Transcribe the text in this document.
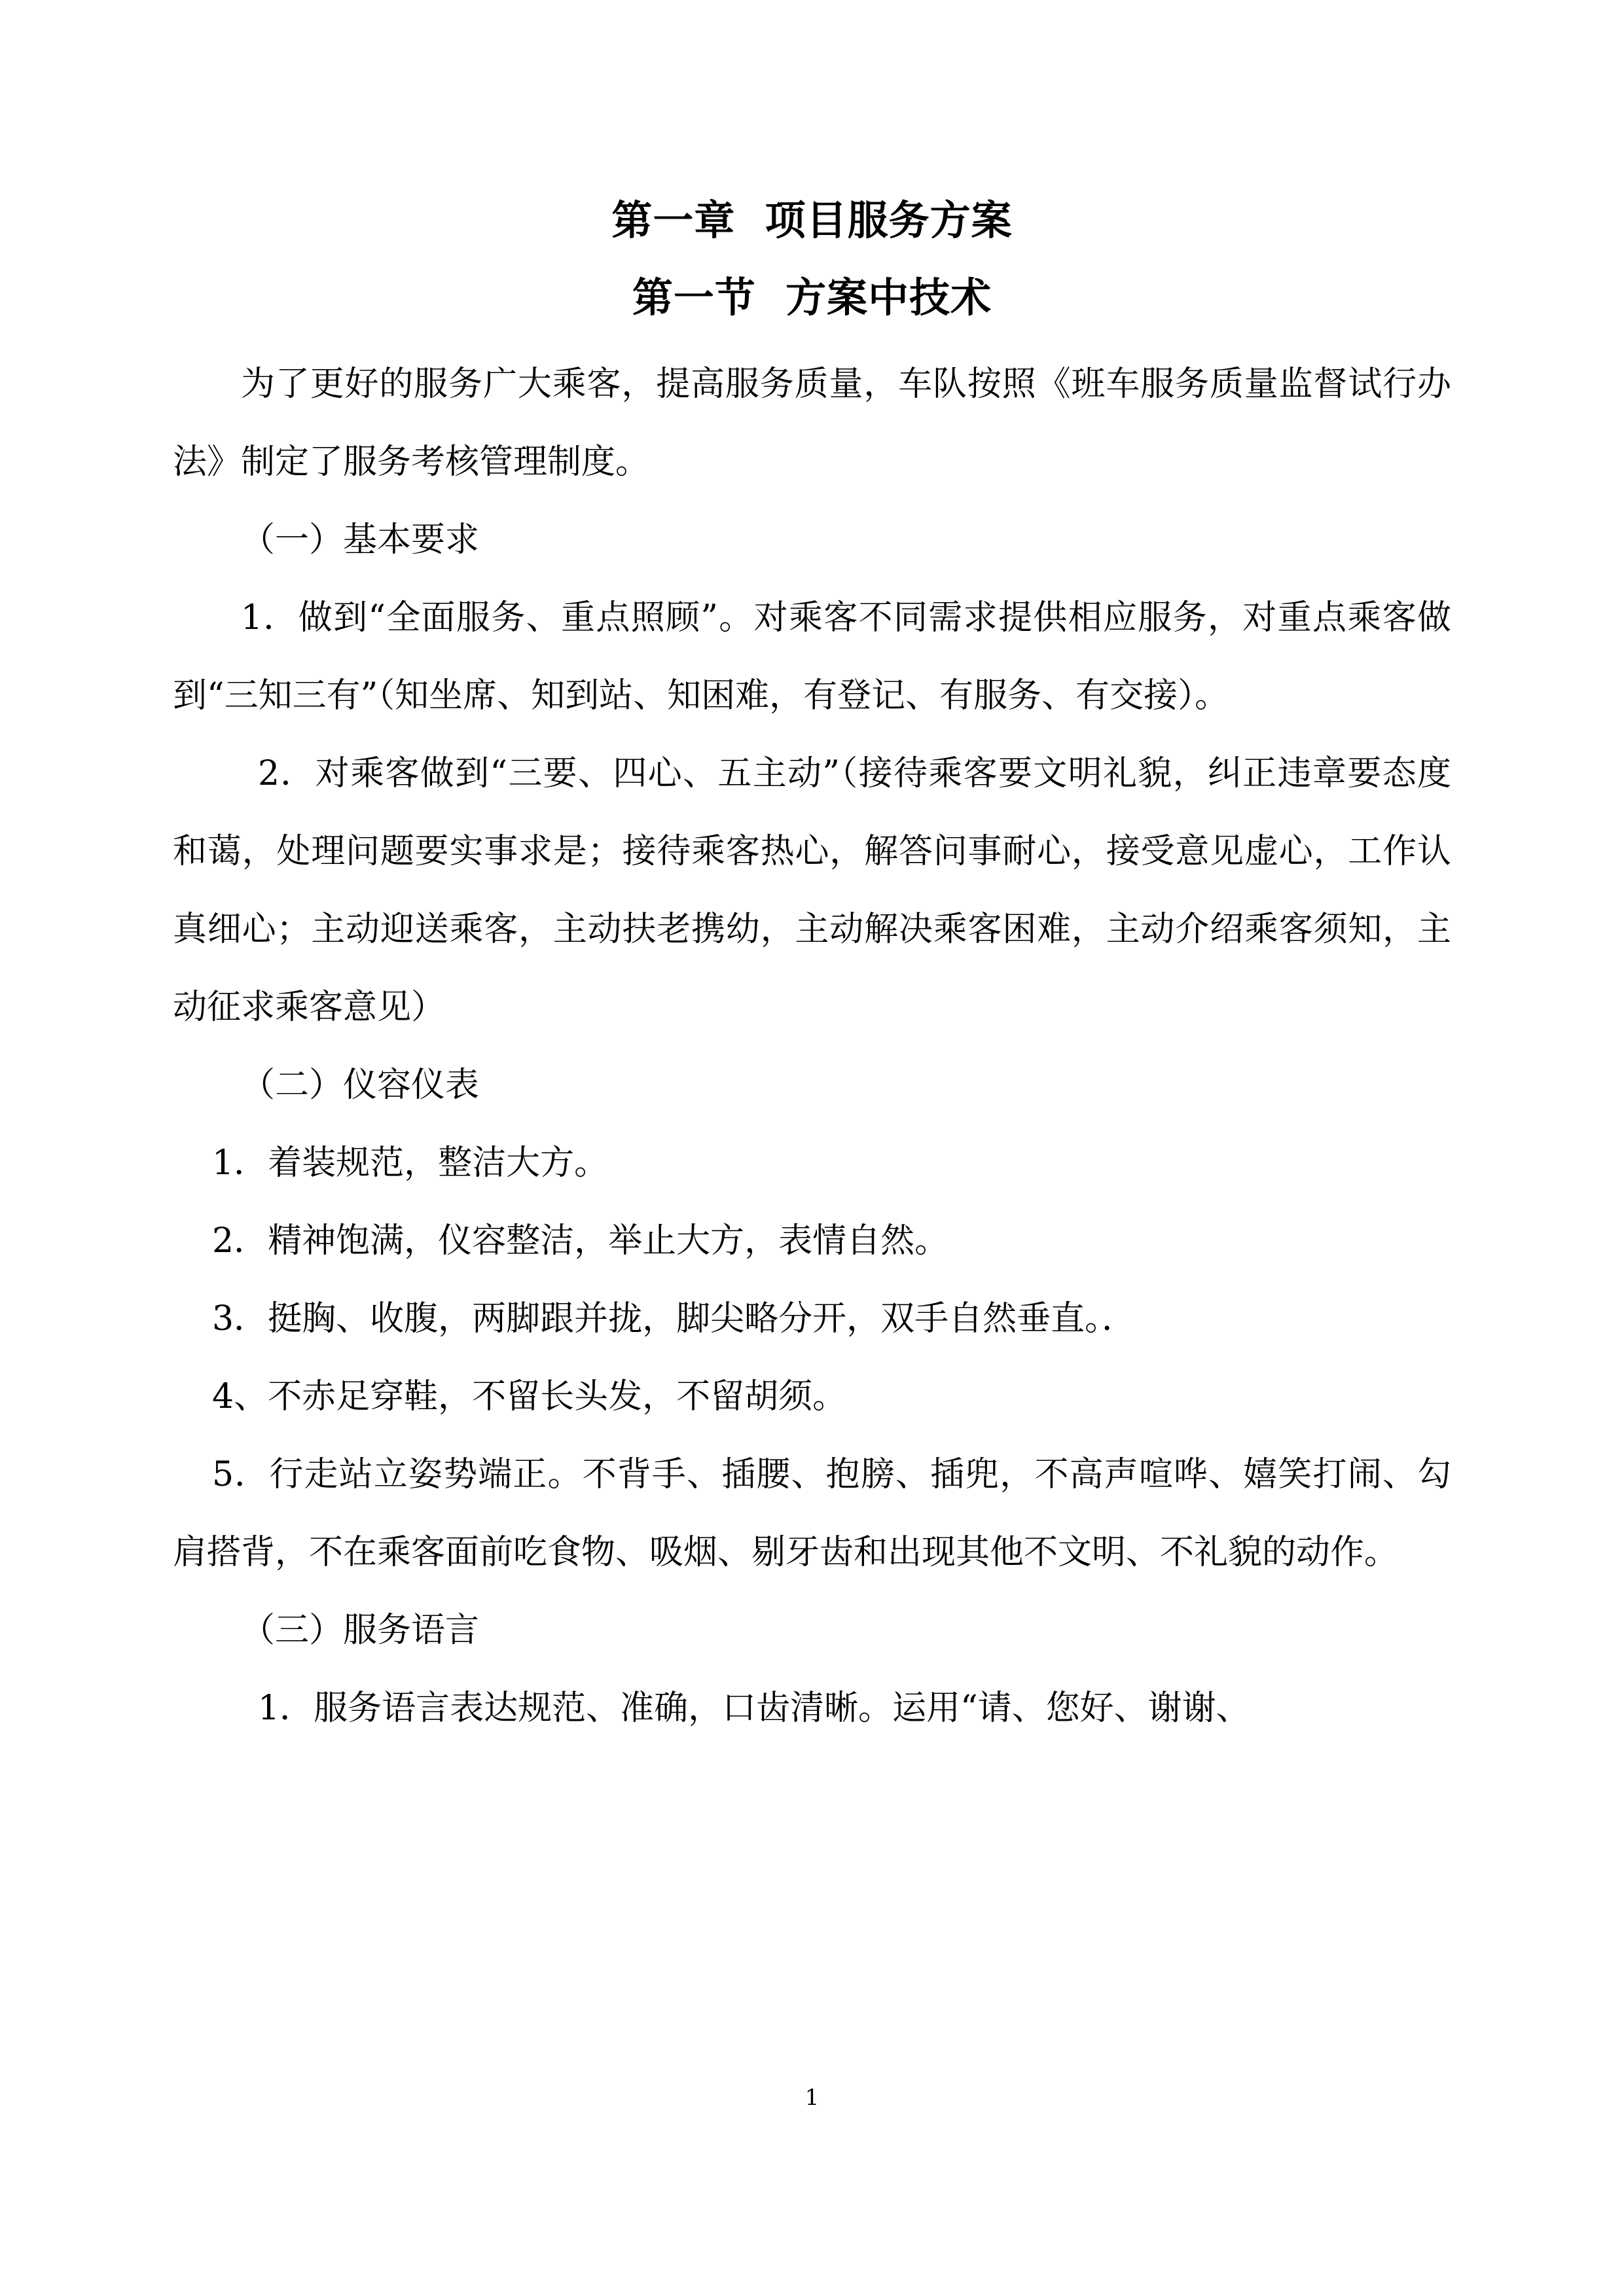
第一章  项目服务方案
第一节  方案中技术

为了更好的服务广大乘客，提高服务质量，车队按照《班车服务质量监督试行办法》制定了服务考核管理制度。

（一）基本要求

1．做到“全面服务、重点照顾”。对乘客不同需求提供相应服务，对重点乘客做到“三知三有”（知坐席、知到站、知困难，有登记、有服务、有交接）。

2．对乘客做到“三要、四心、五主动”（接待乘客要文明礼貌，纠正违章要态度和蔼，处理问题要实事求是；接待乘客热心，解答问事耐心，接受意见虚心，工作认真细心；主动迎送乘客，主动扶老携幼，主动解决乘客困难，主动介绍乘客须知，主动征求乘客意见）

（二）仪容仪表

1．着装规范，整洁大方。

2．精神饱满，仪容整洁，举止大方，表情自然。

3．挺胸、收腹，两脚跟并拢，脚尖略分开，双手自然垂直。．

4、不赤足穿鞋，不留长头发，不留胡须。

5．行走站立姿势端正。不背手、插腰、抱膀、插兜，不高声喧哗、嬉笑打闹、勾肩搭背，不在乘客面前吃食物、吸烟、剔牙齿和出现其他不文明、不礼貌的动作。

（三）服务语言

1．服务语言表达规范、准确，口齿清晰。运用“请、您好、谢谢、

1
